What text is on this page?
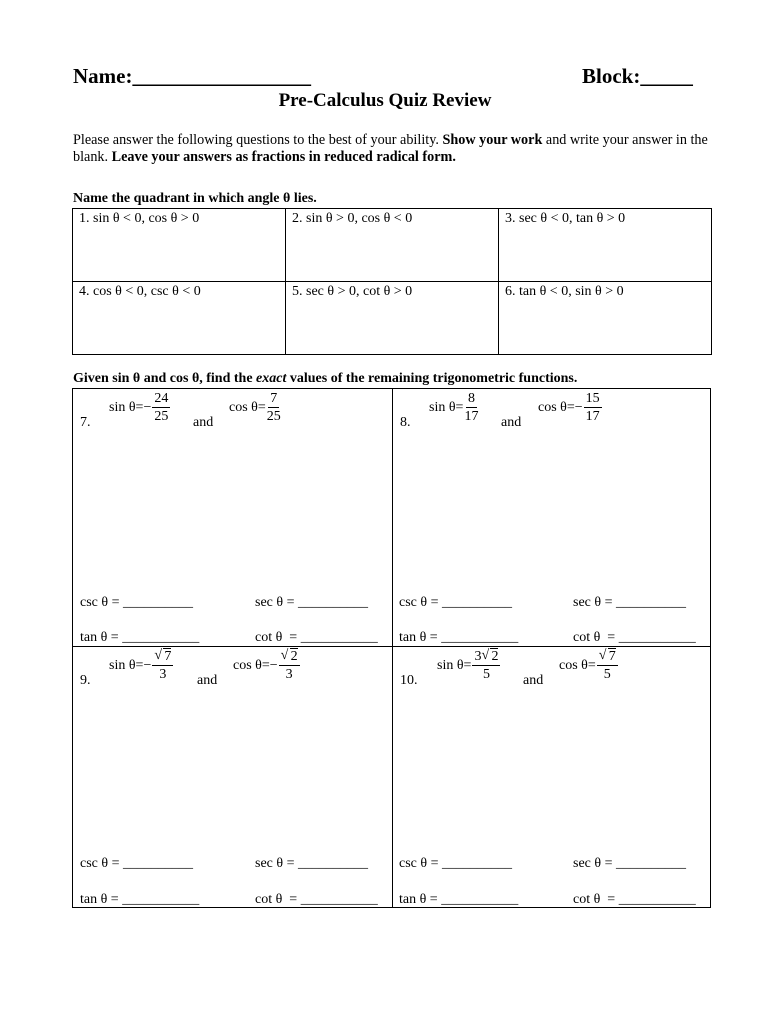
Name:_________________	Block:_____
Pre-Calculus Quiz Review
Please answer the following questions to the best of your ability. Show your work and write your answer in the blank. Leave your answers as fractions in reduced radical form.
Name the quadrant in which angle θ lies.
1. sin θ < 0, cos θ > 0	2. sin θ > 0, cos θ < 0	3. sec θ < 0, tan θ > 0
4. cos θ < 0, csc θ < 0	5. sec θ > 0, cot θ > 0	6. tan θ < 0, sin θ > 0
Given sin θ and cos θ, find the exact values of the remaining trigonometric functions.
7.
$\sin \theta=- \frac{24}{25}$ and
$\cos \theta= \frac{7}{25}$
csc θ = __________	sec θ = __________
tan θ = ___________	cot θ  = ___________
8.
$\sin \theta= \frac{8}{17}$ and
$\cos \theta=- \frac{15}{17}$
csc θ = __________	sec θ = __________
tan θ = ___________	cot θ  = ___________
9.
$\sin \theta=- \frac{√ 7}{3}$ and
$\cos \theta=- \frac{√ 2}{3}$
csc θ = __________	sec θ = __________
tan θ = ___________	cot θ  = ___________
10.
$\sin \theta= \frac{3 √ 2}{5}$ and
$\cos \theta= \frac{√ 7}{5}$
csc θ = __________	sec θ = __________
tan θ = ___________	cot θ  = ___________
